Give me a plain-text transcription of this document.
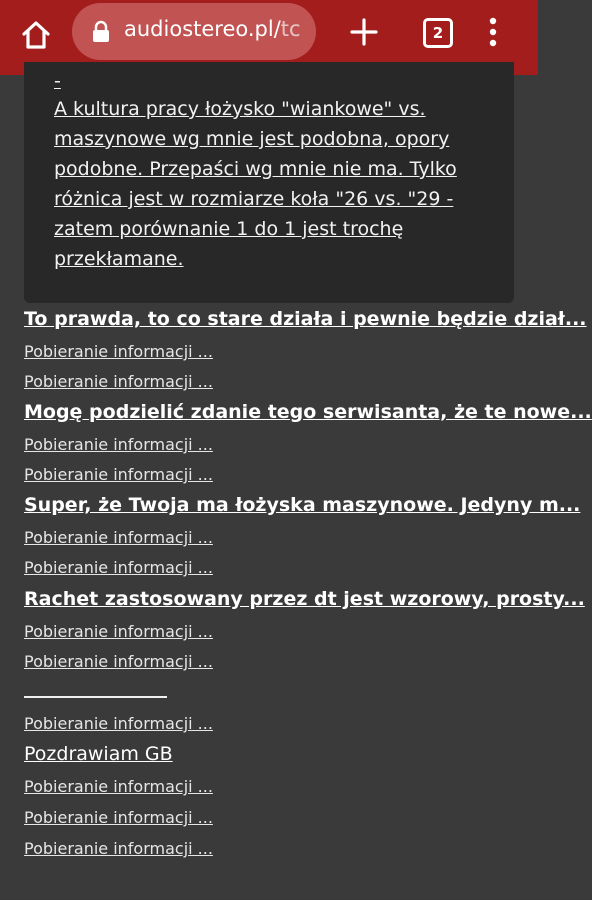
audiostereo.pl/tc	2
-
A kultura pracy łożysko "wiankowe" vs.
maszynowe wg mnie jest podobna, opory
podobne. Przepaści wg mnie nie ma. Tylko
różnica jest w rozmiarze koła "26 vs. "29 -
zatem porównanie 1 do 1 jest trochę
przekłamane.
To prawda, to co stare działa i pewnie będzie dział...
Pobieranie informacji ...
Pobieranie informacji ...
Mogę podzielić zdanie tego serwisanta, że te nowe...
Pobieranie informacji ...
Pobieranie informacji ...
Super, że Twoja ma łożyska maszynowe. Jedyny m...
Pobieranie informacji ...
Pobieranie informacji ...
Rachet zastosowany przez dt jest wzorowy, prosty...
Pobieranie informacji ...
Pobieranie informacji ...
Pobieranie informacji ...
Pozdrawiam GB
Pobieranie informacji ...
Pobieranie informacji ...
Pobieranie informacji ...
